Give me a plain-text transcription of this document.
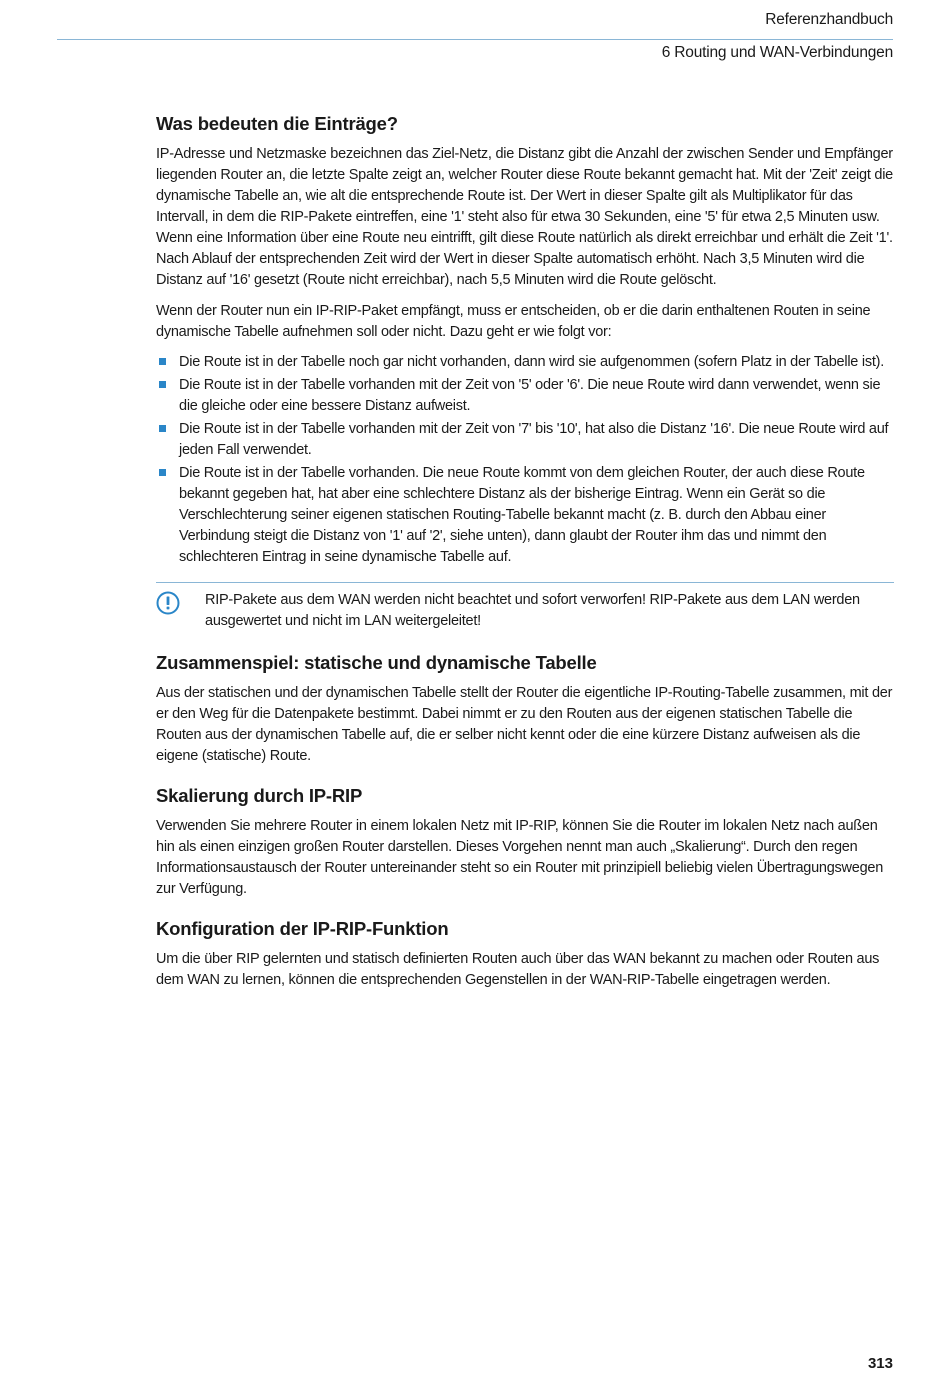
Referenzhandbuch
6 Routing und WAN-Verbindungen
Was bedeuten die Einträge?

IP-Adresse und Netzmaske bezeichnen das Ziel-Netz, die Distanz gibt die Anzahl der zwischen Sender und Empfänger liegenden Router an, die letzte Spalte zeigt an, welcher Router diese Route bekannt gemacht hat. Mit der 'Zeit' zeigt die dynamische Tabelle an, wie alt die entsprechende Route ist. Der Wert in dieser Spalte gilt als Multiplikator für das Intervall, in dem die RIP-Pakete eintreffen, eine '1' steht also für etwa 30 Sekunden, eine '5' für etwa 2,5 Minuten usw. Wenn eine Information über eine Route neu eintrifft, gilt diese Route natürlich als direkt erreichbar und erhält die Zeit '1'. Nach Ablauf der entsprechenden Zeit wird der Wert in dieser Spalte automatisch erhöht. Nach 3,5 Minuten wird die Distanz auf '16' gesetzt (Route nicht erreichbar), nach 5,5 Minuten wird die Route gelöscht.

Wenn der Router nun ein IP-RIP-Paket empfängt, muss er entscheiden, ob er die darin enthaltenen Routen in seine dynamische Tabelle aufnehmen soll oder nicht. Dazu geht er wie folgt vor:

Die Route ist in der Tabelle noch gar nicht vorhanden, dann wird sie aufgenommen (sofern Platz in der Tabelle ist).
Die Route ist in der Tabelle vorhanden mit der Zeit von '5' oder '6'. Die neue Route wird dann verwendet, wenn sie die gleiche oder eine bessere Distanz aufweist.
Die Route ist in der Tabelle vorhanden mit der Zeit von '7' bis '10', hat also die Distanz '16'. Die neue Route wird auf jeden Fall verwendet.
Die Route ist in der Tabelle vorhanden. Die neue Route kommt von dem gleichen Router, der auch diese Route bekannt gegeben hat, hat aber eine schlechtere Distanz als der bisherige Eintrag. Wenn ein Gerät so die Verschlechterung seiner eigenen statischen Routing-Tabelle bekannt macht (z. B. durch den Abbau einer Verbindung steigt die Distanz von '1' auf '2', siehe unten), dann glaubt der Router ihm das und nimmt den schlechteren Eintrag in seine dynamische Tabelle auf.

RIP-Pakete aus dem WAN werden nicht beachtet und sofort verworfen! RIP-Pakete aus dem LAN werden ausgewertet und nicht im LAN weitergeleitet!

Zusammenspiel: statische und dynamische Tabelle

Aus der statischen und der dynamischen Tabelle stellt der Router die eigentliche IP-Routing-Tabelle zusammen, mit der er den Weg für die Datenpakete bestimmt. Dabei nimmt er zu den Routen aus der eigenen statischen Tabelle die Routen aus der dynamischen Tabelle auf, die er selber nicht kennt oder die eine kürzere Distanz aufweisen als die eigene (statische) Route.

Skalierung durch IP-RIP

Verwenden Sie mehrere Router in einem lokalen Netz mit IP-RIP, können Sie die Router im lokalen Netz nach außen hin als einen einzigen großen Router darstellen. Dieses Vorgehen nennt man auch „Skalierung“. Durch den regen Informationsaustausch der Router untereinander steht so ein Router mit prinzipiell beliebig vielen Übertragungswegen zur Verfügung.

Konfiguration der IP-RIP-Funktion

Um die über RIP gelernten und statisch definierten Routen auch über das WAN bekannt zu machen oder Routen aus dem WAN zu lernen, können die entsprechenden Gegenstellen in der WAN-RIP-Tabelle eingetragen werden.

313
